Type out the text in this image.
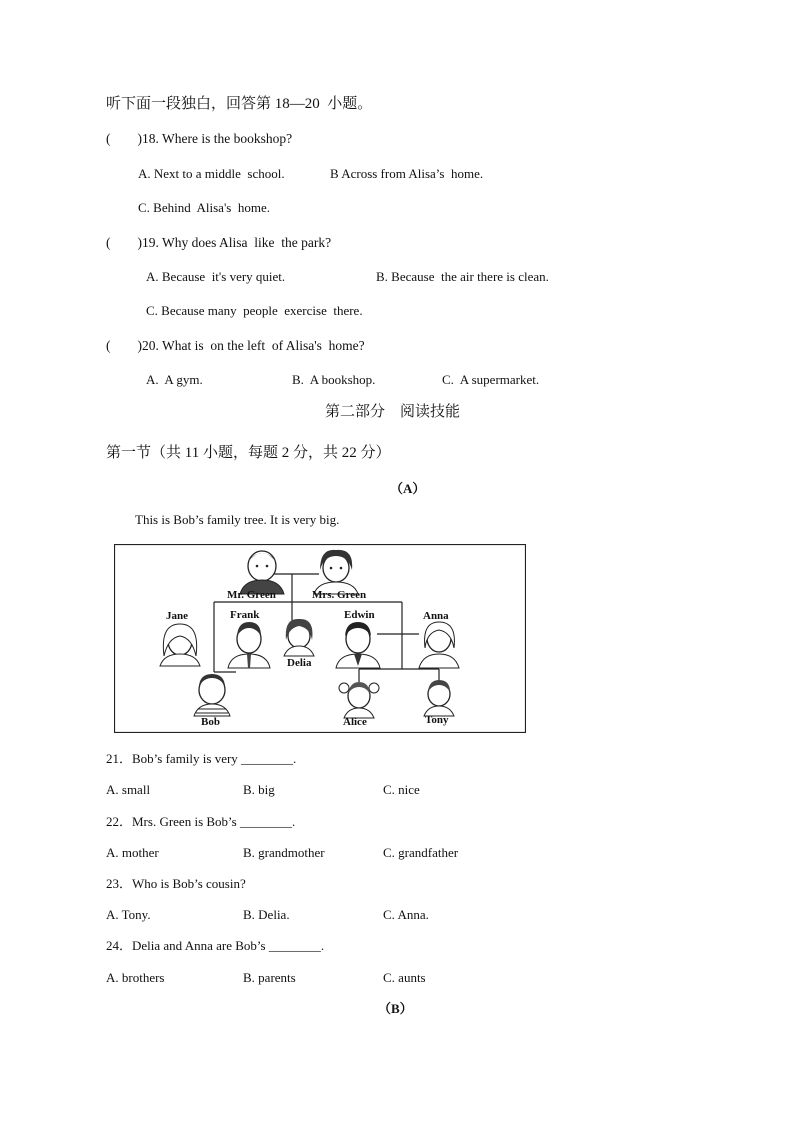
听下面一段独白，回答第 18—20  小题。
(        )18. Where is the bookshop?
A. Next to a middle  school.	B Across from Alisa’s  home.
C. Behind  Alisa's  home.
(        )19. Why does Alisa  like  the park?
A. Because  it's very quiet.	B. Because  the air there is clean.
C. Because many  people  exercise  there.
(        )20. What is  on the left  of Alisa's  home?
A.  A gym.	B.  A bookshop.	C.  A supermarket.
第二部分    阅读技能
第一节（共 11 小题，每题 2 分，共 22 分）
（A）
This is Bob’s family tree. It is very big.
Mr. Green	Mrs. Green
Jane	Frank	Edwin	Anna
Delia
Bob	Alice	Tony
21．Bob’s family is very ________.
A. small	B. big	C. nice
22．Mrs. Green is Bob’s ________.
A. mother	B. grandmother	C. grandfather
23．Who is Bob’s cousin?
A. Tony.	B. Delia.	C. Anna.
24．Delia and Anna are Bob’s ________.
A. brothers	B. parents	C. aunts
（B）
